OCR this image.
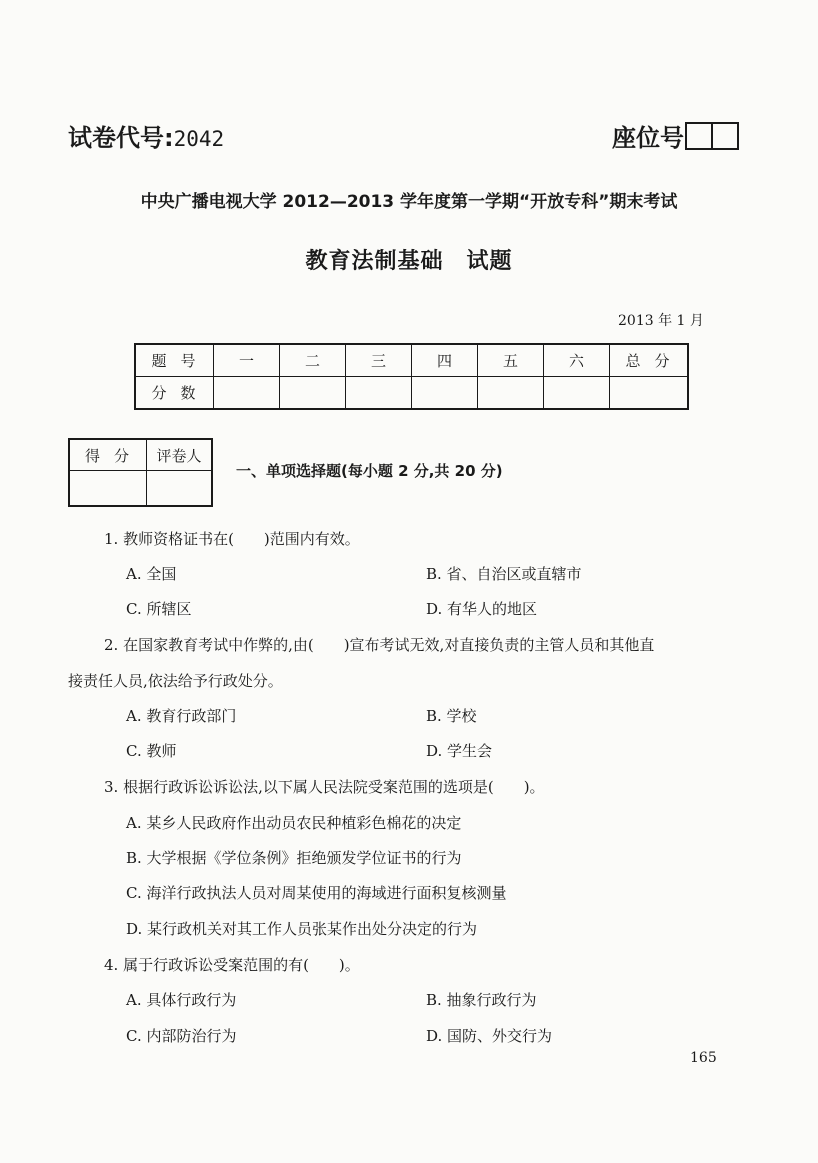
试卷代号:2042	座位号
中央广播电视大学 2012—2013 学年度第一学期“开放专科”期末考试
教育法制基础　试题
2013 年 1 月
题号	一	二	三	四	五	六	总分
分数							
得分	评卷人

一、单项选择题(每小题 2 分,共 20 分)
1. 教师资格证书在(　　)范围内有效。
A. 全国	B. 省、自治区或直辖市
C. 所辖区	D. 有华人的地区
2. 在国家教育考试中作弊的,由(　　)宣布考试无效,对直接负责的主管人员和其他直
接责任人员,依法给予行政处分。
A. 教育行政部门	B. 学校
C. 教师	D. 学生会
3. 根据行政诉讼诉讼法,以下属人民法院受案范围的选项是(　　)。
A. 某乡人民政府作出动员农民种植彩色棉花的决定
B. 大学根据《学位条例》拒绝颁发学位证书的行为
C. 海洋行政执法人员对周某使用的海域进行面积复核测量
D. 某行政机关对其工作人员张某作出处分决定的行为
4. 属于行政诉讼受案范围的有(　　)。
A. 具体行政行为	B. 抽象行政行为
C. 内部防治行为	D. 国防、外交行为
165
